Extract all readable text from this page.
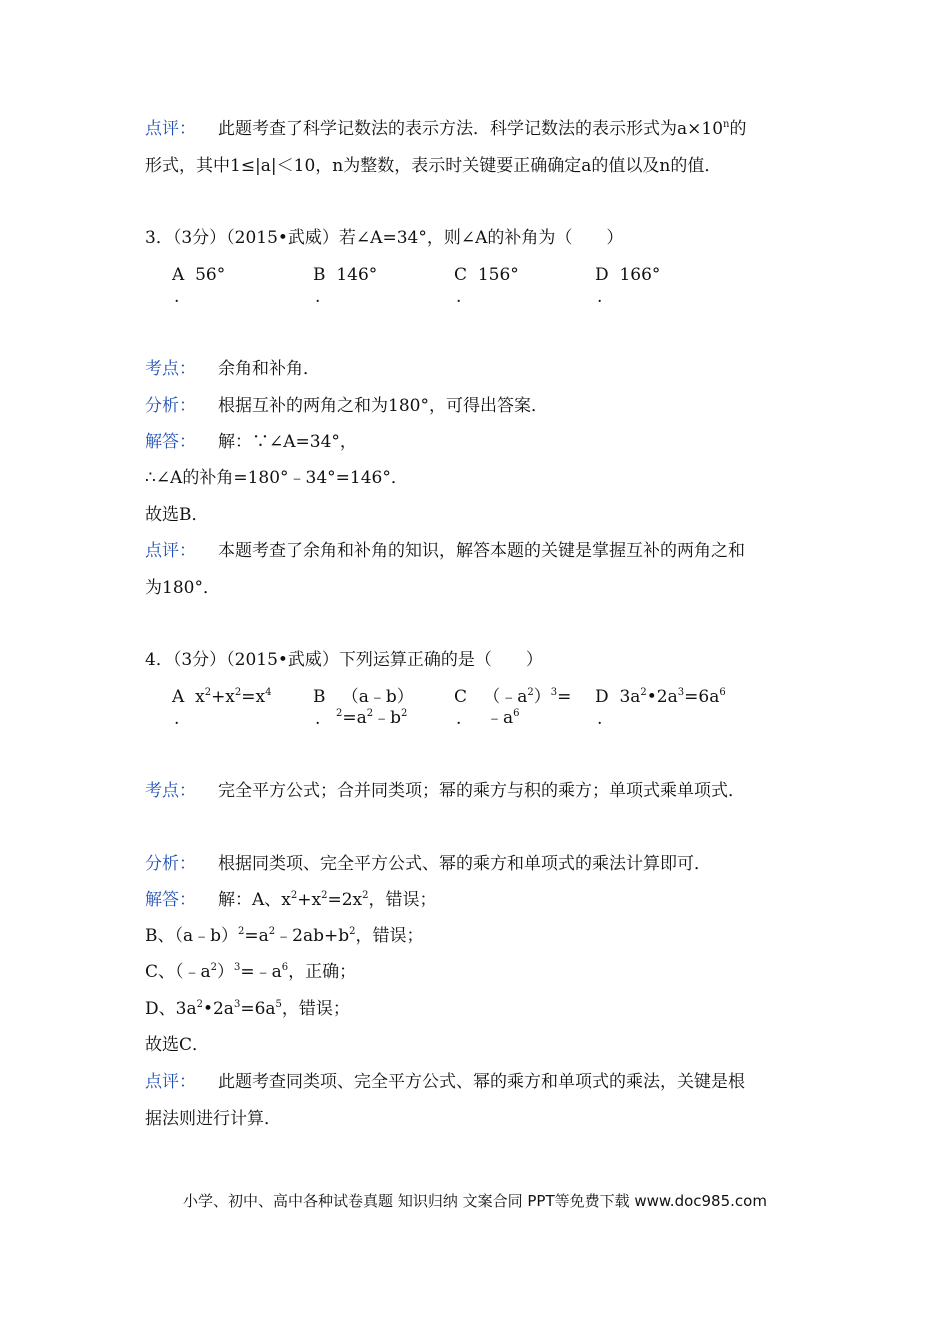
点评： 此题考查了科学记数法的表示方法．科学记数法的表示形式为$a\times 10^n$的
形式，其中1≤|a|＜10，n为整数，表示时关键要正确确定a的值以及n的值．
3．（3分）（2015•武威）若∠A=34°，则∠A的补角为（　　）
A 56°
.
B 146°
.
C 156°
.
D 166°
.
考点： 余角和补角．
分析： 根据互补的两角之和为180°，可得出答案．
解答： 解：∵∠A=34°，
∴∠A的补角=180°﹣34°=146°．
故选B．
点评： 本题考查了余角和补角的知识，解答本题的关键是掌握互补的两角之和
为180°．
4．（3分）（2015•武威）下列运算正确的是（　　）
A  $x^2+x^2=x^4$
.
B （a﹣b）
. $^2=a^2﹣b^2$
C $(﹣a^2)^3=$
. $﹣a^6$
D  $3a^2•2a^3=6a^6$
.
考点： 完全平方公式；合并同类项；幂的乘方与积的乘方；单项式乘单项式．
分析： 根据同类项、完全平方公式、幂的乘方和单项式的乘法计算即可．
解答： 解：A、$x^2+x^2=2x^2$，错误；
B、$(a﹣b)^2=a^2﹣2ab+b^2$，错误；
C、$(﹣a^2)^3=﹣a^6$，正确；
D、$3a^2•2a^3=6a^5$，错误；
故选C．
点评： 此题考查同类项、完全平方公式、幂的乘方和单项式的乘法，关键是根
据法则进行计算．
小学、初中、高中各种试卷真题 知识归纳 文案合同 PPT等免费下载 www.doc985.com
